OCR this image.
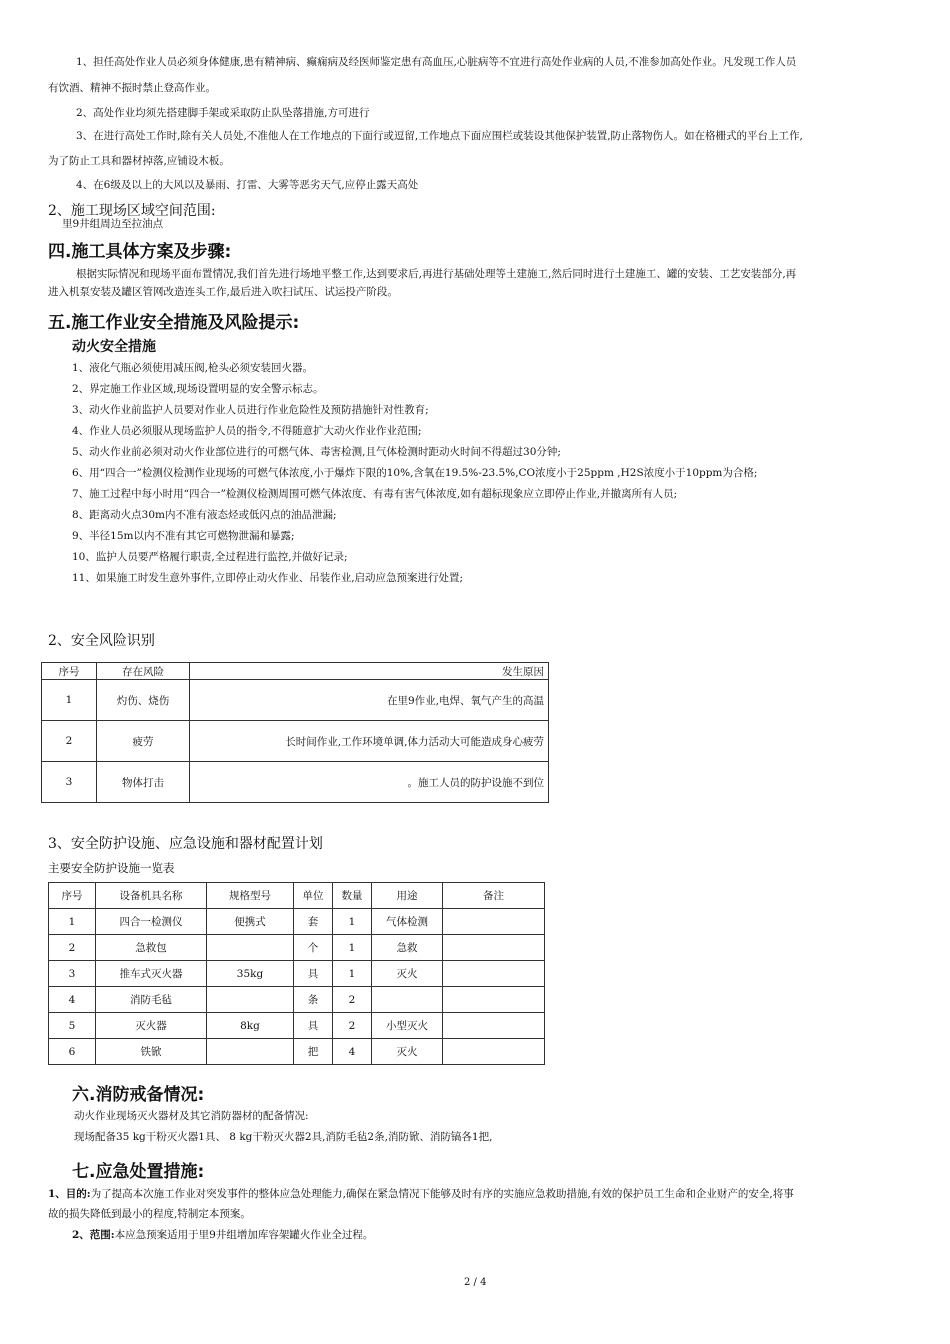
1、担任高处作业人员必须身体健康,患有精神病、癫痫病及经医师鉴定患有高血压,心脏病等不宜进行高处作业病的人员,不准参加高处作业。凡发现工作人员
有饮酒、精神不振时禁止登高作业。
2、高处作业均须先搭建脚手架或采取防止队坠落措施,方可进行
3、在进行高处工作时,除有关人员处,不准他人在工作地点的下面行或逗留,工作地点下面应围栏或装设其他保护装置,防止落物伤人。如在格栅式的平台上工作,
为了防止工具和器材掉落,应铺设木板。
4、在6级及以上的大风以及暴雨、打雷、大雾等恶劣天气,应停止露天高处
2、施工现场区域空间范围:
里9井组周边至拉油点
四.施工具体方案及步骤:
根据实际情况和现场平面布置情况,我们首先进行场地平整工作,达到要求后,再进行基础处理等土建施工,然后同时进行土建施工、罐的安装、工艺安装部分,再
进入机泵安装及罐区管网改造连头工作,最后进入吹扫试压、试运投产阶段。
五.施工作业安全措施及风险提示:
动火安全措施
1、液化气瓶必须使用减压阀,枪头必须安装回火器。
2、界定施工作业区域,现场设置明显的安全警示标志。
3、动火作业前监护人员要对作业人员进行作业危险性及预防措施针对性教育;
4、作业人员必须服从现场监护人员的指令,不得随意扩大动火作业作业范围;
5、动火作业前必须对动火作业部位进行的可燃气体、毒害检测,且气体检测时距动火时间不得超过30分钟;
6、用“四合一”检测仪检测作业现场的可燃气体浓度,小于爆炸下限的10%,含氧在19.5%-23.5%,CO浓度小于25ppm ,H2S浓度小于10ppm为合格;
7、施工过程中每小时用“四合一”检测仪检测周围可燃气体浓度、有毒有害气体浓度,如有超标现象应立即停止作业,并撤离所有人员;
8、距离动火点30m内不准有液态烃或低闪点的油品泄漏;
9、半径15m以内不准有其它可燃物泄漏和暴露;
10、监护人员要严格履行职责,全过程进行监控,并做好记录;
11、如果施工时发生意外事件,立即停止动火作业、吊装作业,启动应急预案进行处置;
2、安全风险识别
序号	存在风险	发生原因
1	灼伤、烧伤	在里9作业,电焊、氧气产生的高温
2	疲劳	长时间作业,工作环境单调,体力活动大可能造成身心疲劳
3	物体打击	。施工人员的防护设施不到位
3、安全防护设施、应急设施和器材配置计划
主要安全防护设施一览表
序号	设备机具名称	规格型号	单位	数量	用途	备注
1	四合一检测仪	便携式	套	1	气体检测	
2	急救包		个	1	急救	
3	推车式灭火器	35kg	具	1	灭火	
4	消防毛毡		条	2		
5	灭火器	8kg	具	2	小型灭火	
6	铁锨		把	4	灭火	
六.消防戒备情况:
动火作业现场灭火器材及其它消防器材的配备情况:
现场配备35 kg干粉灭火器1具、 8 kg干粉灭火器2具,消防毛毡2条,消防锨、消防镐各1把,
七.应急处置措施:
1、目的:为了提高本次施工作业对突发事件的整体应急处理能力,确保在紧急情况下能够及时有序的实施应急救助措施,有效的保护员工生命和企业财产的安全,将事
故的损失降低到最小的程度,特制定本预案。
2、范围:本应急预案适用于里9井组增加库容架罐火作业全过程。
2 / 4
